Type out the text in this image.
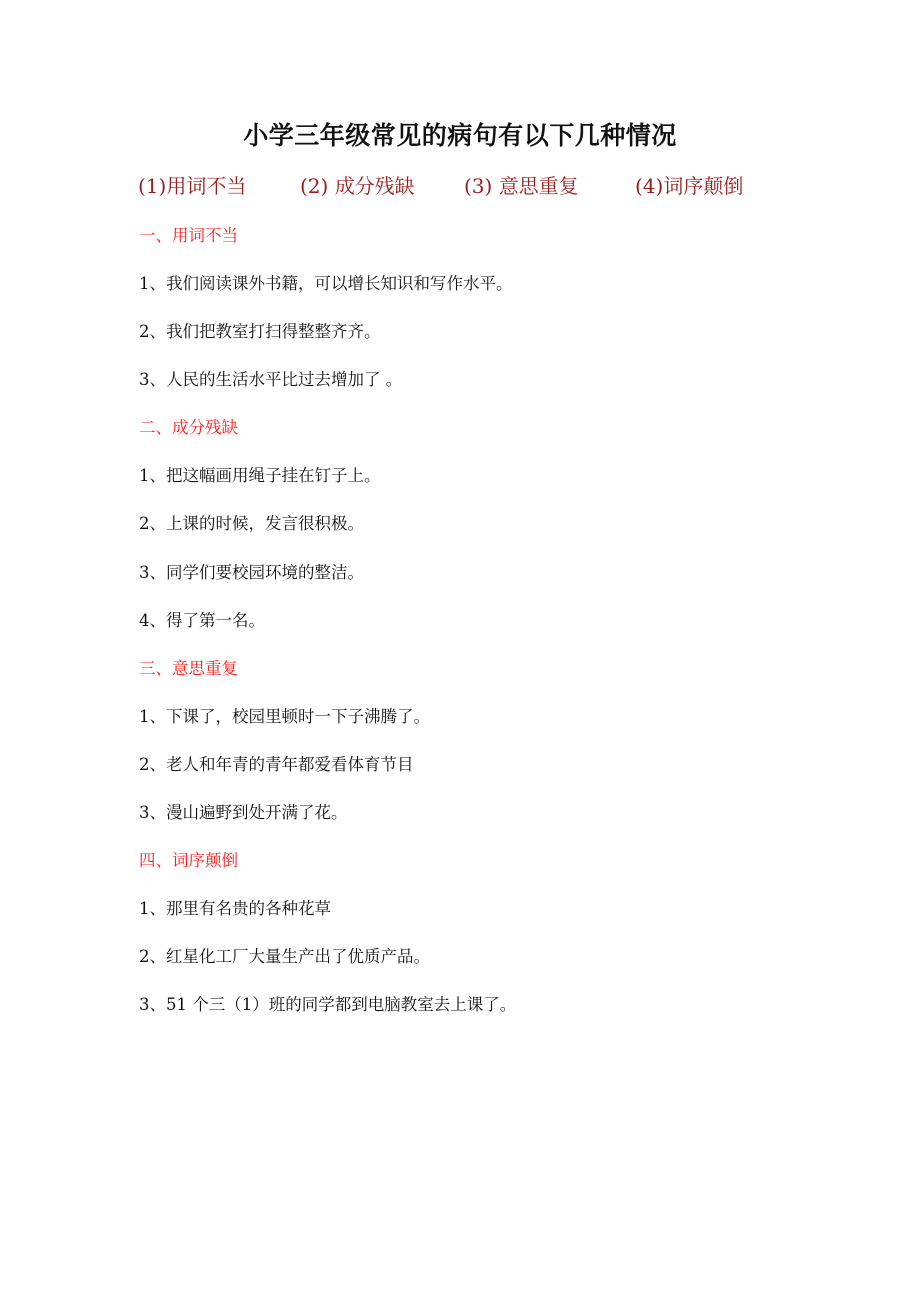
小学三年级常见的病句有以下几种情况
(1)用词不当	(2) 成分残缺 (3) 意思重复	(4)词序颠倒
一、用词不当
1、我们阅读课外书籍，可以增长知识和写作水平。
2、我们把教室打扫得整整齐齐。
3、人民的生活水平比过去增加了 。
二、成分残缺
1、把这幅画用绳子挂在钉子上。
2、上课的时候，发言很积极。
3、同学们要校园环境的整洁。
4、得了第一名。
三、意思重复
1、下课了，校园里顿时一下子沸腾了。
2、老人和年青的青年都爱看体育节目
3、漫山遍野到处开满了花。
四、词序颠倒
1、那里有名贵的各种花草
2、红星化工厂大量生产出了优质产品。
3、51 个三（1）班的同学都到电脑教室去上课了。
